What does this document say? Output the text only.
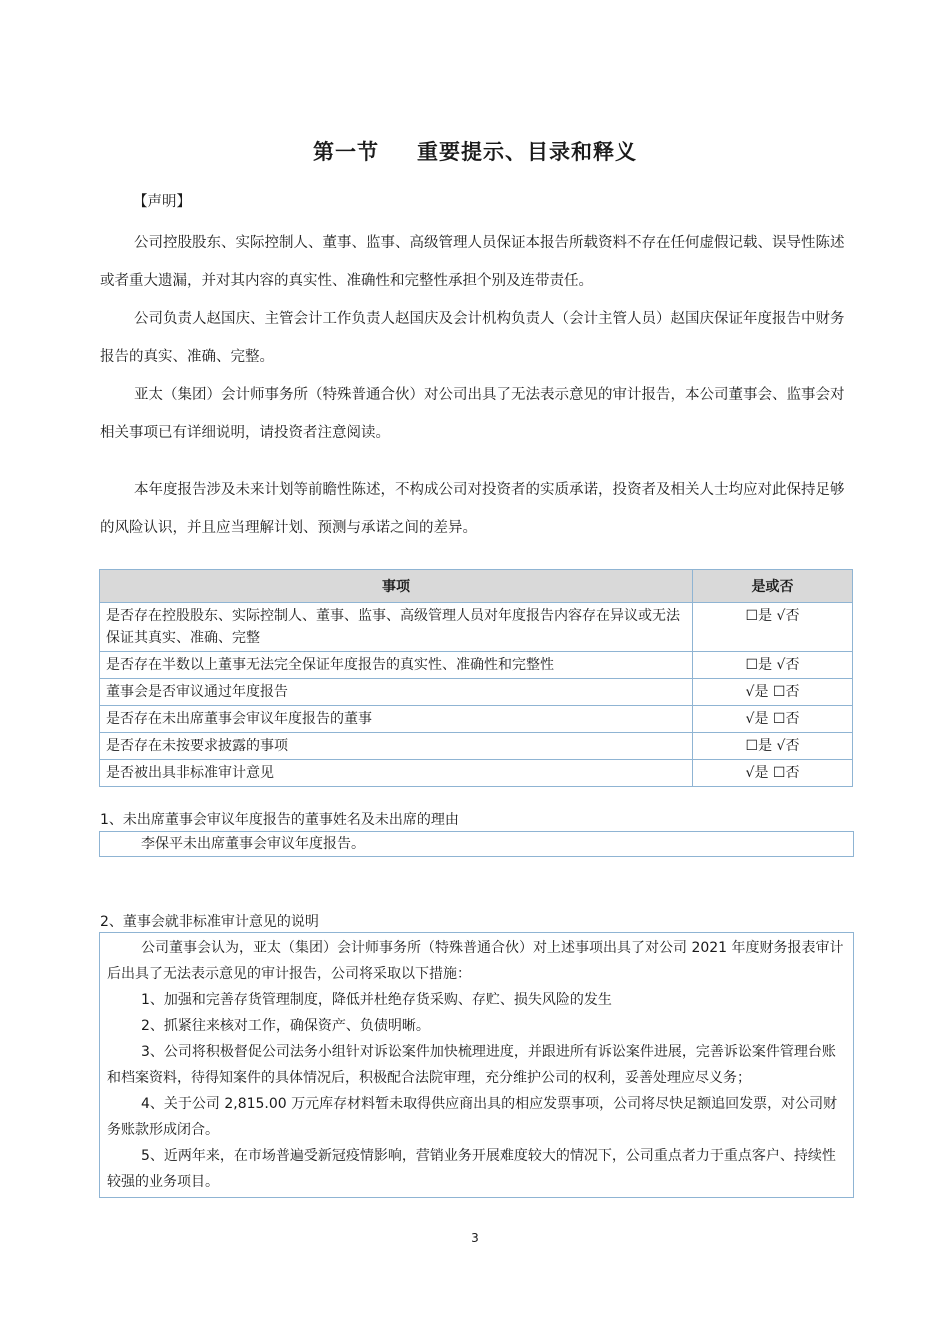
第一节 重要提示、目录和释义
【声明】

公司控股股东、实际控制人、董事、监事、高级管理人员保证本报告所载资料不存在任何虚假记载、误导性陈述或者重大遗漏，并对其内容的真实性、准确性和完整性承担个别及连带责任。

公司负责人赵国庆、主管会计工作负责人赵国庆及会计机构负责人（会计主管人员）赵国庆保证年度报告中财务报告的真实、准确、完整。

亚太（集团）会计师事务所（特殊普通合伙）对公司出具了无法表示意见的审计报告，本公司董事会、监事会对相关事项已有详细说明，请投资者注意阅读。

本年度报告涉及未来计划等前瞻性陈述，不构成公司对投资者的实质承诺，投资者及相关人士均应对此保持足够的风险认识，并且应当理解计划、预测与承诺之间的差异。

事项	是或否
是否存在控股股东、实际控制人、董事、监事、高级管理人员对年度报告内容存在异议或无法保证其真实、准确、完整	☐是 √否
是否存在半数以上董事无法完全保证年度报告的真实性、准确性和完整性	☐是 √否
董事会是否审议通过年度报告	√是 ☐否
是否存在未出席董事会审议年度报告的董事	√是 ☐否
是否存在未按要求披露的事项	☐是 √否
是否被出具非标准审计意见	√是 ☐否
1、未出席董事会审议年度报告的董事姓名及未出席的理由
李保平未出席董事会审议年度报告。
2、董事会就非标准审计意见的说明

公司董事会认为，亚太（集团）会计师事务所（特殊普通合伙）对上述事项出具了对公司 2021 年度财务报表审计后出具了无法表示意见的审计报告，公司将采取以下措施：

1、加强和完善存货管理制度，降低并杜绝存货采购、存贮、损失风险的发生

2、抓紧往来核对工作，确保资产、负债明晰。

3、公司将积极督促公司法务小组针对诉讼案件加快梳理进度，并跟进所有诉讼案件进展，完善诉讼案件管理台账和档案资料，待得知案件的具体情况后，积极配合法院审理，充分维护公司的权利，妥善处理应尽义务；

4、关于公司 2,815.00 万元库存材料暂未取得供应商出具的相应发票事项，公司将尽快足额追回发票，对公司财务账款形成闭合。

5、近两年来，在市场普遍受新冠疫情影响，营销业务开展难度较大的情况下，公司重点者力于重点客户、持续性较强的业务项目。

3
